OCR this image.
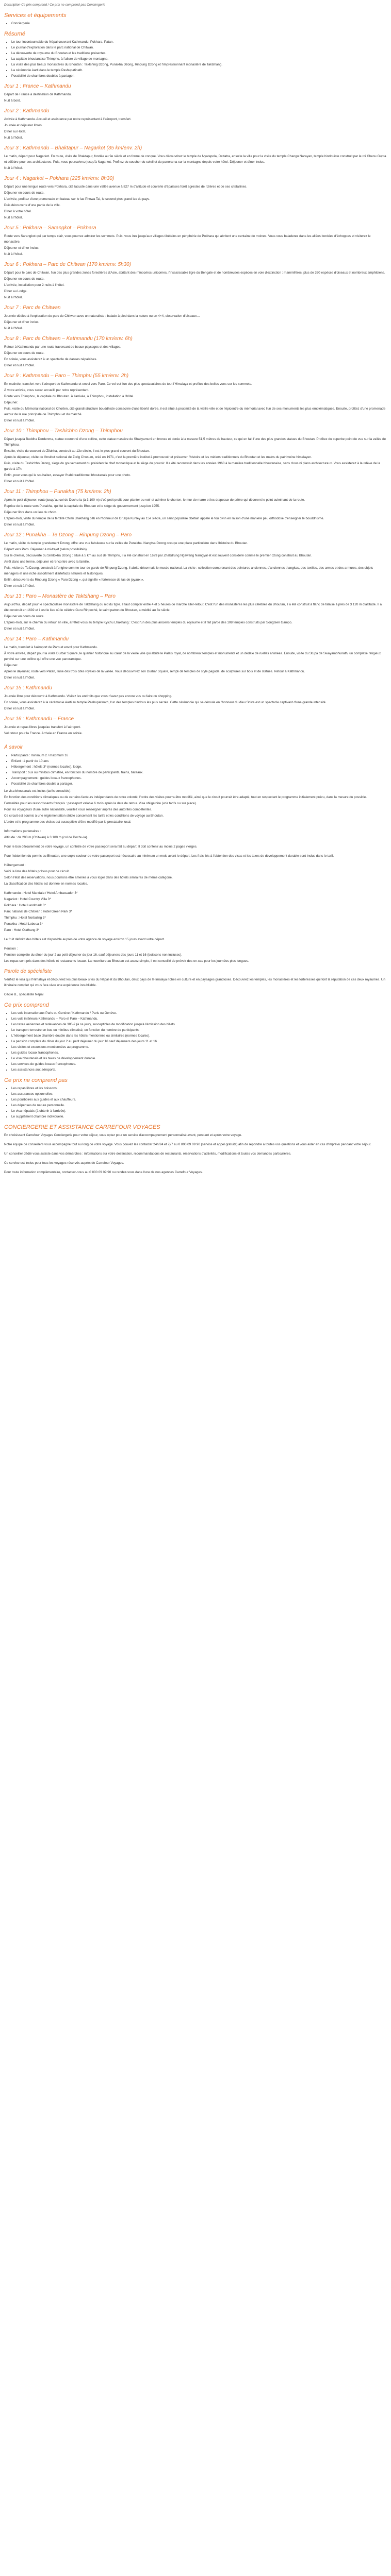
Description Ce prix comprend / Ce prix ne comprend pas Conciergerie

Services et équipements
• Conciergerie
Résumé
• Le tour incontournable du Népal couvrant Kathmandu, Pokhara, Patan.
• Le journal d'exploration dans le parc national de Chitwan.
• La découverte de royaume du Bhoutan et les traditions présentes.
• La capitale bhoutanaise Thimphu, à l'allure de village de montagne.
• La visite des plus beaux monastères du Bhoutan : Taktshing Dzong, Punakha Dzong, Rinpung Dzong et l'impressionnant monastère de Taktshang.
• La cérémonie Aarti dans le temple Pashupatinath.
• Possibilité de chambres doubles à partager.
Jour 1 : France – Kathmandu

Départ de France à destination de Kathmandu.

Nuit à bord.

Jour 2 : Kathmandu

Arrivée à Kathmandu. Accueil et assistance par notre représentant à l'aéroport, transfert.

Journée et déjeuner libres.

Dîner au Hotel.

Nuit à l'hôtel.

Jour 3 : Kathmandu – Bhaktapur – Nagarkot (35 km/env. 2h)

Le matin, départ pour Nagarkot. En route, visite de Bhaktapur, fondée au 9e siècle et en forme de conque. Vous découvrirez le temple de Nyatapola, Dattatra, ensuite la ville pour la visite du temple Changu Narayan, temple hindouiste construit par le roi Chenu Gupta et célèbre pour ses architectures. Puis, vous poursuivrez jusqu'à Nagarkot. Profitez du coucher du soleil et du panorama sur la montagne depuis votre hôtel. Déjeuner et dîner inclus.

Nuit à l'hôtel.

Jour 4 : Nagarkot – Pokhara (225 km/env. 8h30)

Départ pour une longue route vers Pokhara, cité lacuste dans une vallée avenue à 827 m d'altitude et couverte d'épaisses forêt agrestes de rizières et de ses cristallines.

Déjeuner en cours de route.

L'arrivée, profitez d'une promenade en bateau sur le lac Phewa Tal, le second plus grand lac du pays.

Puis découverte d'une partie de la ville.

Dîner à votre hôtel.

Nuit à l'hôtel.

Jour 5 : Pokhara – Sarangkot – Pokhara

Route vers Sarangkot qui par temps clair, vous pourrez admirer les sommets. Puis, vous irez jusqu'aux villages tibétains en périphérie de Pokhara qui abritent une centaine de moines. Vous vous baladerez dans les allées bordées d'échoppes et visiterez le monastère.

Déjeuner et dîner inclus.

Nuit à l'hôtel.

Jour 6 : Pokhara – Parc de Chitwan (170 km/env. 5h30)

Départ pour le parc de Chitwan, l'un des plus grandes zones forestières d'Asie, abritant des rhinocéros unicornes, l'insaisissable tigre du Bengale et de nombreuses espèces en voie d'extinction : mammifères, plus de 350 espèces d'oiseaux et nombreux amphibiens.

Déjeuner en cours de route.

L'arrivée, installation pour 2 nuits à l'hôtel.

Dîner au Lodge.

Nuit à l'hôtel.

Jour 7 : Parc de Chitwan

Journée dédiée à l'exploration du parc de Chitwan avec un naturaliste : balade à pied dans la nature ou en 4×4, observation d'oiseaux…

Déjeuner et dîner inclus.

Nuit à l'hôtel.

Jour 8 : Parc de Chitwan – Kathmandu (170 km/env. 6h)

Retour à Kathmandu par une route traversant de beaux paysages et des villages.

Déjeuner en cours de route.

En soirée, vous assisterez à un spectacle de danses népalaises.

Dîner et nuit à l'hôtel.

Jour 9 : Kathmandu – Paro – Thimphu (55 km/env. 2h)

En matinée, transfert vers l'aéroport de Kathmandu et envol vers Paro. Ce vol est l'un des plus spectaculaires de tout l'Himalaya et profitez des belles vues sur les sommets.

À votre arrivée, vous serez accueilli par notre représentant.

Route vers Thimphou, la capitale du Bhoutan. À l'arrivée, à Thimphou, installation à l'hôtel.

Déjeuner.

Puis, visite du Mémorial national de Chorten, cité grandi structure bouddhiste consacrée d'une liberté dorée, il est situé à proximité de la vieille ville et de l'épicentre du mémorial avec l'un de ses monuments les plus emblématiques. Ensuite, profitez d'une promenade autour de la rue principale de Thimphou et du marché.

Dîner et nuit à l'hôtel.

Jour 10 : Thimphou – Tashichho Dzong – Thimphou

Départ jusqu'à Buddha Dordenma, statue couronné d'une colline, cette statue massive de Shakyamuni en bronze et dorée à la mesure 51,5 mètres de hauteur, ce qui en fait l'une des plus grandes statues du Bhoutan. Profitez du superbe point de vue sur la vallée de Thimphou.

Ensuite, visite du couvent de Zilukha, construit au 13e siècle, il est le plus grand couvent du Bhoutan.

Après le déjeuner, visite de l'Institut national de Zorig Chusum, créé en 1971, c'est la première institut à promouvoir et préserver l'histoire et les métiers traditionnels du Bhoutan et les mains du patrimoine himalayen.

Puis, visite du Tashichho Dzong, siège du gouvernement du président le chef monastique et le siège du pouvoir. Il a été reconstruit dans les années 1960 à la manière traditionnelle bhoutanaise, sans clous ni plans architecturaux. Vous assisterez à la relève de la garde à 17h.

Enfin, pour vous qui le souhaitez, essayer l'habit traditionnel bhoutanais pour une photo.

Dîner et nuit à l'hôtel.

Jour 11 : Thimphou – Punakha (75 km/env. 2h)

Après le petit déjeuner, route jusqu'au col de Dochu-la (à 3 100 m) d'où petit profit pour planter ou voir et admirer le chorten, le mur de marre et les drapeaux de prière qui décorent le point culminant de la route.

Reprise de la route vers Punakha, qui fut la capitale du Bhoutan et le siège du gouvernement jusqu'en 1955.

Déjeuner libre dans un lieu du choix.

L'après-midi, visite du temple de la fertilité Chimi Lhakhang bâti en l'honneur de Drukpa Kunley au 15e siècle, un saint populaire tibétain appelé le fou divin en raison d'une manière peu orthodoxe d'enseigner le bouddhisme.

Dîner et nuit à l'hôtel.

Jour 12 : Punakha – Te Dzong – Rinpung Dzong – Paro

Le matin, visite du temple grandement Dzong, offre une vue fabuleuse sur la vallée de Punakha. Nangtsa Dzong occupe une place particulière dans l'histoire du Bhoutan.

Départ vers Paro. Déjeuner à mi-trajet (selon possibilités).

Sur le chemin, découverte du Simtokha Dzong : situé à 5 km au sud de Thimphu, il a été construit en 1629 par Zhabdrung Ngawang Namgyal et est souvent considéré comme le premier dzong construit au Bhoutan.

Arrêt dans une ferme, déjeuner et rencontre avec la famille.

Puis, visite du Ta Dzong, construit à l'origine comme tour de garde de Rinpung Dzong, il abrite désormais le musée national. La visite : collection comprenant des peintures anciennes, d'anciennes thangkas, des textiles, des armes et des armures, des objets ménagers et une riche assortiment d'artefacts naturels et historiques.

Enfin, découverte du Rinpung Dzong « Paro Dzong », qui signifie « forteresse de tas de joyaux ».

Dîner et nuit à l'hôtel.

Jour 13 : Paro – Monastère de Taktshang – Paro

Aujourd'hui, départ pour le spectaculaire monastère de Taktshang ou nid du tigre. Il faut compter entre 4 et 5 heures de marche aller-retour. C'est l'un des monastères les plus célèbres du Bhoutan, il a été construit à flanc de falaise à près de 3 120 m d'altitude. Il a été construit en 1692 et il est le lieu où le célèbre Guru Rinpoché, le saint patron du Bhoutan, a médité au 8e siècle.

Déjeuner en cours de route.

L'après-midi, sur le chemin du retour en ville, arrêtez-vous au temple Kyichu Lhakhang : C'est l'un des plus anciens temples du royaume et il fait partie des 108 temples construits par Songtsen Gampo.

Dîner et nuit à l'hôtel.

Jour 14 : Paro – Kathmandu

Le matin, transfert à l'aéroport de Paro et envol pour Kathmandu.

À votre arrivée, départ pour la visite Durbar Square, le quartier historique au cœur de la vieille ville qui abrite le Palais royal, de nombreux temples et monuments et un dédale de ruelles animées. Ensuite, visite du Stupa de Swayambhunath, un complexe religieux perché sur une colline qui offre une vue panoramique.

Déjeuner.

Après le déjeuner, route vers Patan, l'une des trois cités royales de la vallée. Vous découvrirez son Durbar Square, rempli de temples de style pagode, de sculptures sur bois et de statues. Retour à Kathmandu.

Dîner et nuit à l'hôtel.

Jour 15 : Kathmandu

Journée libre pour découvrir à Kathmandu. Visitez les endroits que vous n'avez pas encore vus ou faire du shopping.

En soirée, vous assisterez à la cérémonie Aarti au temple Pashupatinath, l'un des temples hindous les plus sacrés. Cette cérémonie qui se déroule en l'honneur du dieu Shiva est un spectacle captivant d'une grande intensité.

Dîner et nuit à l'hôtel.

Jour 16 : Kathmandu – France

Journée et repas libres jusqu'au transfert à l'aéroport.

Vol retour pour la France. Arrivée en France en soirée.

À savoir
• Participants : minimum 2 / maximum 16
• Enfant : à partir de 10 ans
• Hébergement : hôtels 3* (normes locales), lodge.
• Transport : bus ou minibus climatisé, en fonction du nombre de participants, trains, bateaux.
• Accompagnement : guides locaux francophones.
• Possibilité de chambres double à partager.

Le visa bhoutanais est inclus (tarifs consultés).

En fonction des conditions climatiques ou de certains facteurs indépendants de notre volonté, l'ordre des visites pourra être modifié, ainsi que le circuit pourrait être adapté, tout en respectant le programme initialement prévu, dans la mesure du possible.

Formalités pour les ressortissants français : passeport valable 6 mois après la date de retour. Visa obligatoire (voir tarifs ou sur place).

Pour les voyageurs d'une autre nationalité, veuillez vous renseigner auprès des autorités compétentes.

Ce circuit est soumis à une réglementation stricte concernant les tarifs et les conditions de voyage au Bhoutan.

L'ordre et le programme des visites est susceptible d'être modifié par le prestataire local.

Informations partenaires :

Altitude : de 200 m (Chitwan) à 3 100 m (col de Dochu-la).

Pour le bon déroulement de votre voyage, un contrôle de votre passeport sera fait au départ. Il doit contenir au moins 2 pages vierges.

Pour l'obtention du permis au Bhoutan, une copie couleur de votre passeport est nécessaire au minimum un mois avant le départ. Les frais liés à l'obtention des visas et les taxes de développement durable sont inclus dans le tarif.

Hébergement :

Voici la liste des hôtels prévus pour ce circuit.

Selon l'état des réservations, nous pourrons être amenés à vous loger dans des hôtels similaires de même catégorie.

La classification des hôtels est donnée en normes locales.

Kathmandu : Hotel Mandala / Hotel Ambassador 3*

Nagarkot : Hotel Country Villa 3*

Pokhara : Hotel Landmark 3*

Parc national de Chitwan : Hotel Green Park 3*

Thimphu : Hotel Norbuling 3*

Punakha : Hotel Lobesa 3*

Paro : Hotel Olathang 3*

Le fruit définitif des hôtels est disponible auprès de votre agence de voyage environ 15 jours avant votre départ.

Pension :

Pension complète du dîner du jour 2 au petit déjeuner du jour 16, sauf déjeuners des jours 11 et 16 (boissons non incluses).

Les repas sont pris dans des hôtels et restaurants locaux. La nourriture au Bhoutan est assez simple, il est conseillé de prévoir des en-cas pour les journées plus longues.

Parole de spécialiste

Vérifiez le visa qui l'Himalaya et découvrez les plus beaux sites du Népal et du Bhoutan, deux pays de l'Himalaya riches en culture et en paysages grandioses. Découvrez les temples, les monastères et les forteresses qui font la réputation de ces deux royaumes. Un itinéraire complet qui vous fera vivre une expérience inoubliable.

Cécile B., spécialiste Népal

Ce prix comprend
• Les vols internationaux Paris ou Genève / Kathmandu / Paris ou Genève.
• Les vols intérieurs Kathmandu – Paro et Paro – Kathmandu.
• Les taxes aériennes et redevances de 385 € (à ce jour), susceptibles de modification jusqu'à l'émission des billets.
• Le transport terrestre en bus ou minibus climatisé, en fonction du nombre de participants.
• L'hébergement base chambre double dans les hôtels mentionnés ou similaires (normes locales).
• La pension complète du dîner du jour 2 au petit déjeuner du jour 16 sauf déjeuners des jours 11 et 16.
• Les visites et excursions mentionnées au programme.
• Les guides locaux francophones.
• Le visa bhoutanais et les taxes de développement durable.
• Les services de guides locaux francophones.
• Les assistances aux aéroports.
Ce prix ne comprend pas
• Les repas libres et les boissons.
• Les assurances optionnelles.
• Les pourboires aux guides et aux chauffeurs.
• Les dépenses de nature personnelle.
• Le visa népalais (à obtenir à l'arrivée).
• Le supplément chambre individuelle.
CONCIERGERIE ET ASSISTANCE CARREFOUR VOYAGES

En choisissant Carrefour Voyages Conciergerie pour votre séjour, vous optez pour un service d'accompagnement personnalisé avant, pendant et après votre voyage.

Notre équipe de conseillers vous accompagne tout au long de votre voyage. Vous pouvez les contacter 24h/24 et 7j/7 au 0 800 09 09 90 (service et appel gratuits) afin de répondre à toutes vos questions et vous aider en cas d'imprévu pendant votre séjour.

Un conseiller dédié vous assiste dans vos démarches : informations sur votre destination, recommandations de restaurants, réservations d'activités, modifications et toutes vos demandes particulières.

Ce service est inclus pour tous les voyages réservés auprès de Carrefour Voyages.

Pour toute information complémentaire, contactez-nous au 0 800 09 09 90 ou rendez-vous dans l'une de nos agences Carrefour Voyages.
